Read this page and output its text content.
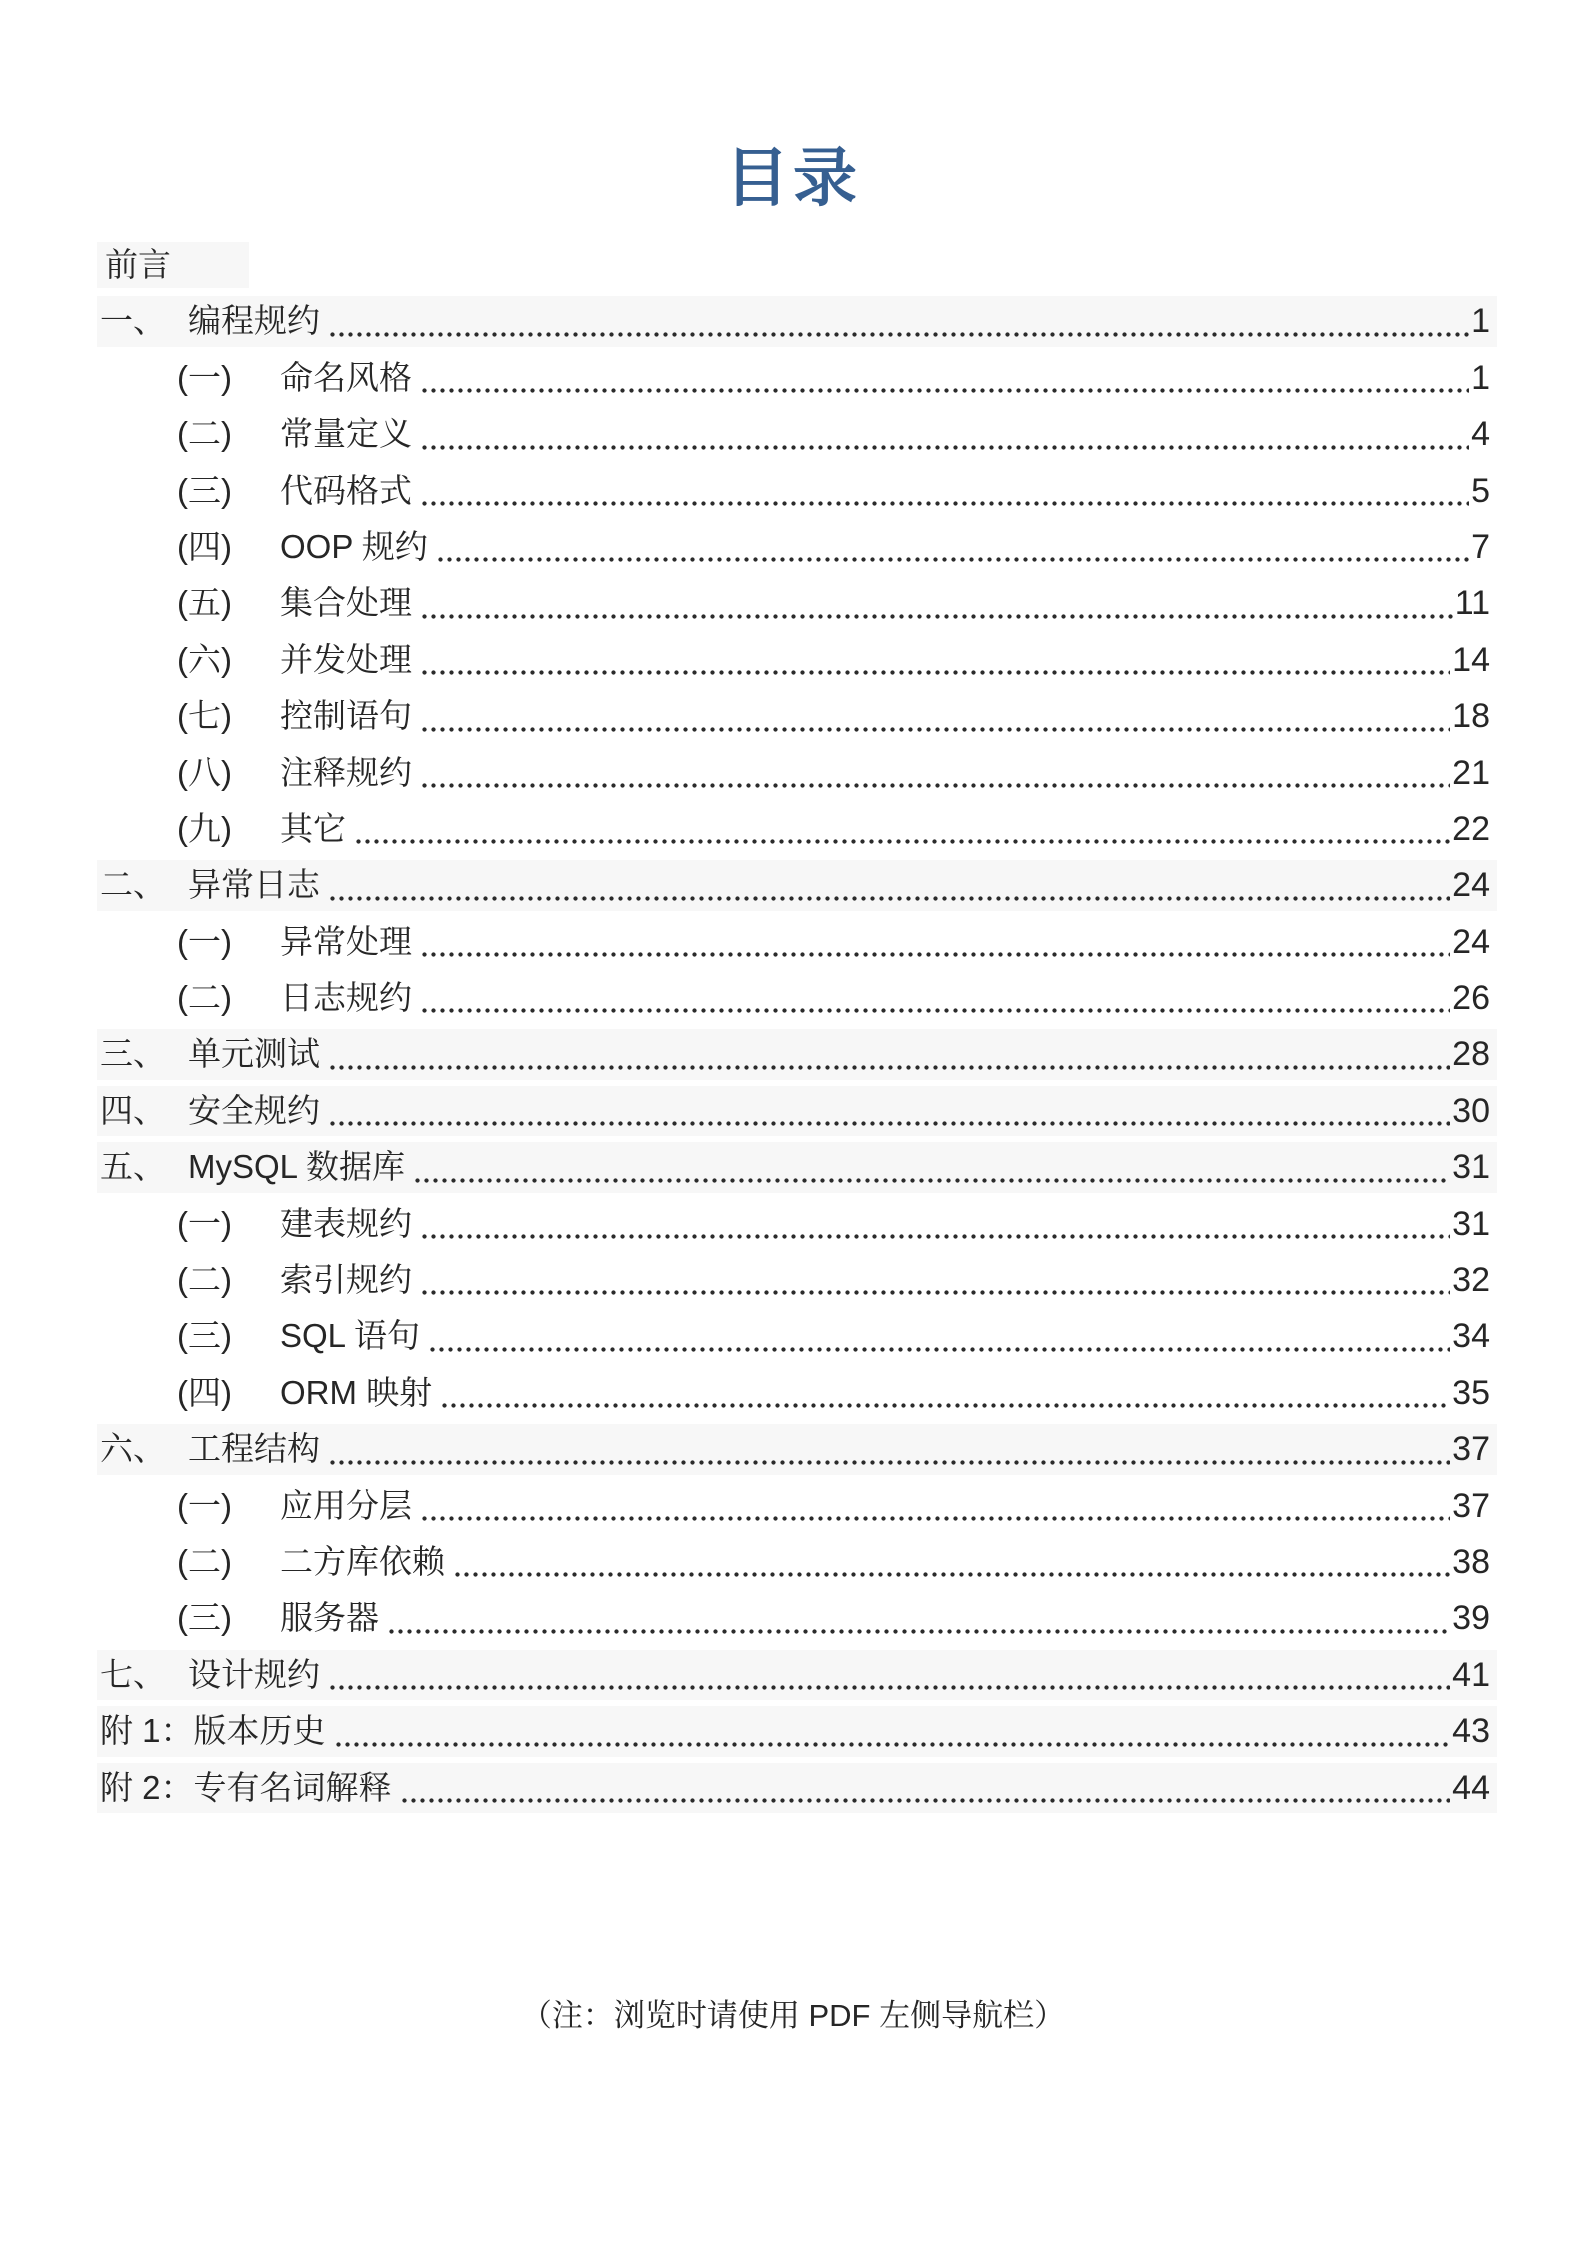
目录
前言
一、 编程规约	1
(一)	命名风格	1
(二)	常量定义	4
(三)	代码格式	5
(四)	OOP 规约	7
(五)	集合处理	11
(六)	并发处理	14
(七)	控制语句	18
(八)	注释规约	21
(九)	其它	22
二、 异常日志	24
(一)	异常处理	24
(二)	日志规约	26
三、 单元测试	28
四、 安全规约	30
五、 MySQL 数据库	31
(一)	建表规约	31
(二)	索引规约	32
(三)	SQL 语句	34
(四)	ORM 映射	35
六、 工程结构	37
(一)	应用分层	37
(二)	二方库依赖	38
(三)	服务器	39
七、 设计规约	41
附 1：版本历史	43
附 2：专有名词解释	44
（注：浏览时请使用 PDF 左侧导航栏）
